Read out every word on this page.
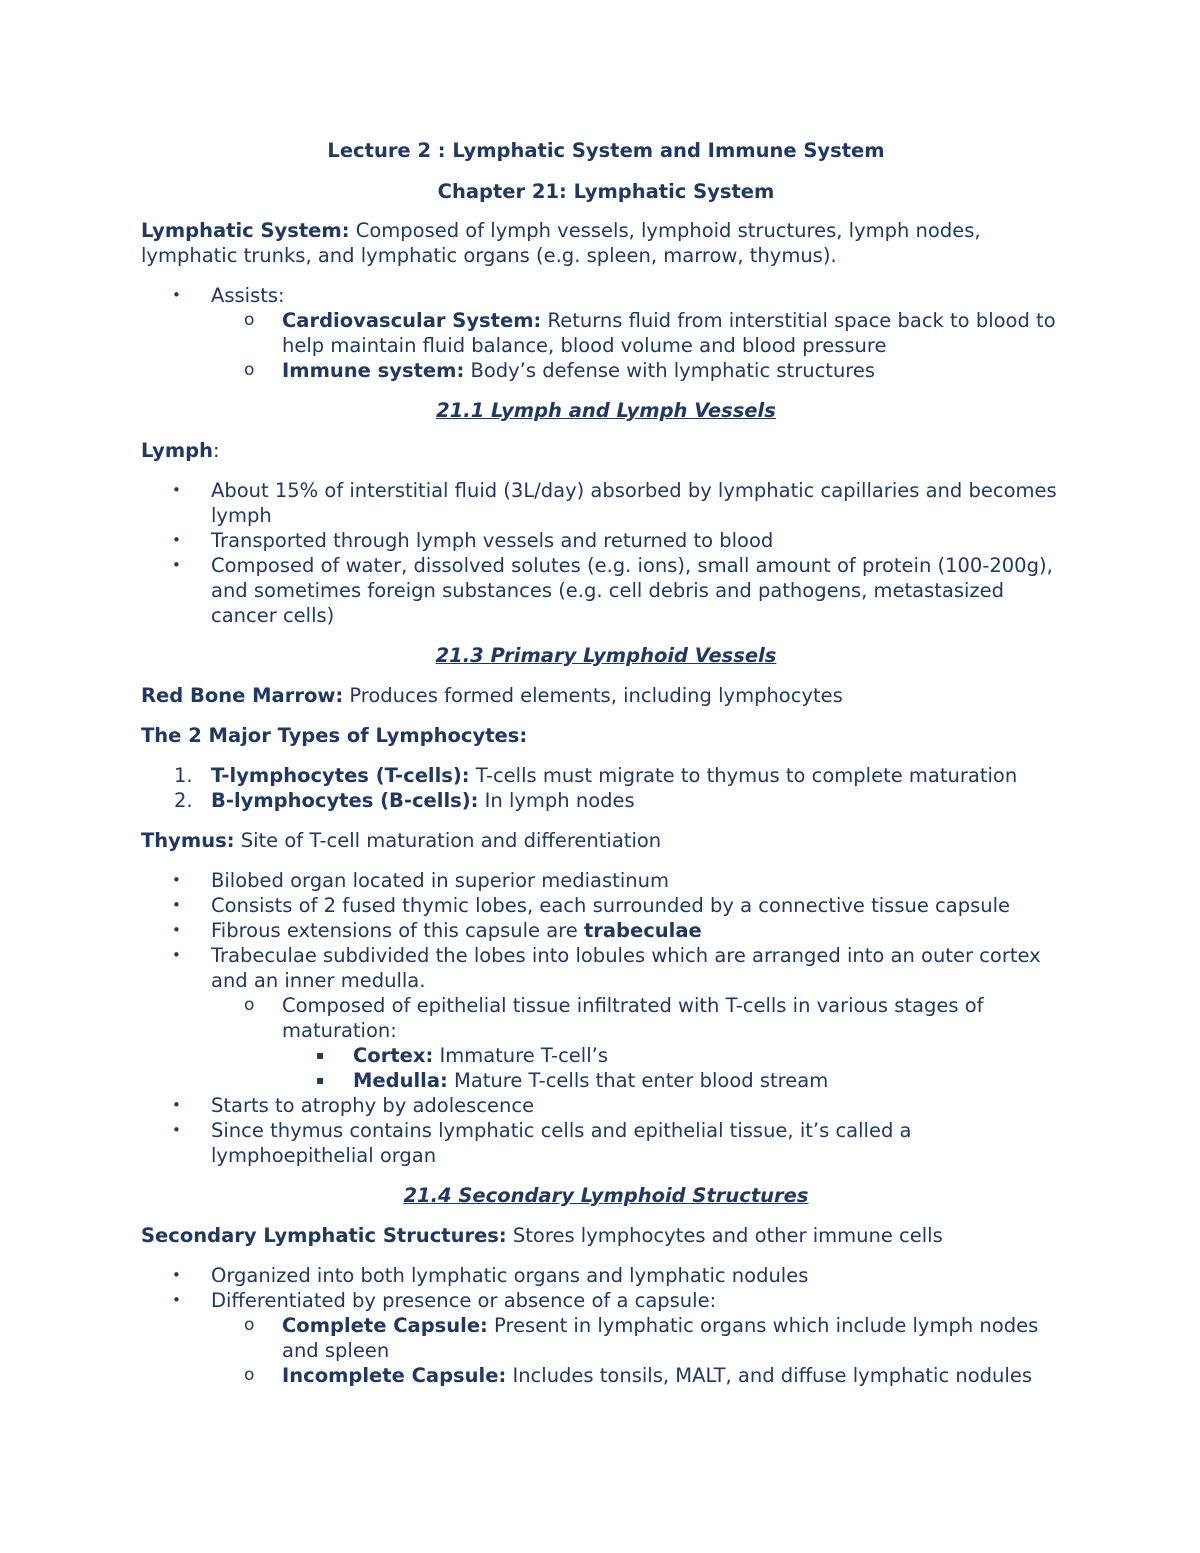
Lecture 2 : Lymphatic System and Immune System
Chapter 21: Lymphatic System

Lymphatic System: Composed of lymph vessels, lymphoid structures, lymph nodes, lymphatic trunks, and lymphatic organs (e.g. spleen, marrow, thymus).

• Assists:
o Cardiovascular System: Returns fluid from interstitial space back to blood to help maintain fluid balance, blood volume and blood pressure
o Immune system: Body’s defense with lymphatic structures
21.1 Lymph and Lymph Vessels

Lymph:

• About 15% of interstitial fluid (3L/day) absorbed by lymphatic capillaries and becomes lymph
• Transported through lymph vessels and returned to blood
• Composed of water, dissolved solutes (e.g. ions), small amount of protein (100-200g), and sometimes foreign substances (e.g. cell debris and pathogens, metastasized cancer cells)
21.3 Primary Lymphoid Vessels

Red Bone Marrow: Produces formed elements, including lymphocytes

The 2 Major Types of Lymphocytes:

1. T-lymphocytes (T-cells): T-cells must migrate to thymus to complete maturation
2. B-lymphocytes (B-cells): In lymph nodes

Thymus: Site of T-cell maturation and differentiation

• Bilobed organ located in superior mediastinum
• Consists of 2 fused thymic lobes, each surrounded by a connective tissue capsule
• Fibrous extensions of this capsule are trabeculae
• Trabeculae subdivided the lobes into lobules which are arranged into an outer cortex and an inner medulla.
o Composed of epithelial tissue infiltrated with T-cells in various stages of maturation:
▪ Cortex: Immature T-cell’s
▪ Medulla: Mature T-cells that enter blood stream
• Starts to atrophy by adolescence
• Since thymus contains lymphatic cells and epithelial tissue, it’s called a lymphoepithelial organ
21.4 Secondary Lymphoid Structures

Secondary Lymphatic Structures: Stores lymphocytes and other immune cells

• Organized into both lymphatic organs and lymphatic nodules
• Differentiated by presence or absence of a capsule:
o Complete Capsule: Present in lymphatic organs which include lymph nodes and spleen
o Incomplete Capsule: Includes tonsils, MALT, and diffuse lymphatic nodules
